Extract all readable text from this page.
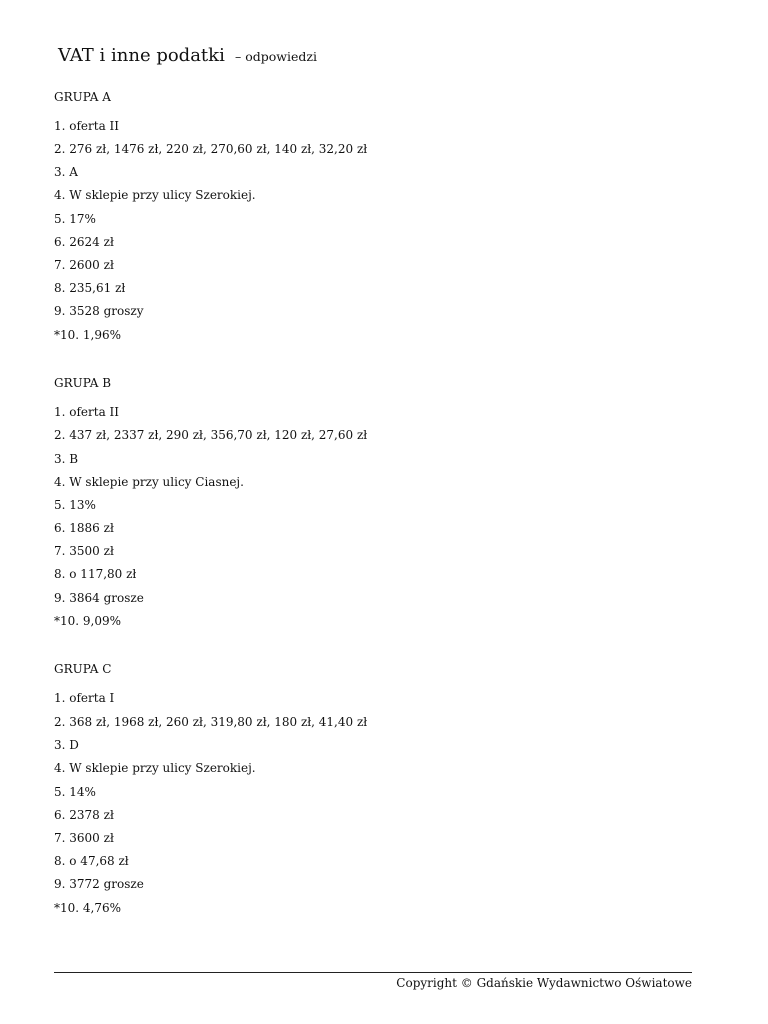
VAT i inne podatki – odpowiedzi
GRUPA A
1. oferta II
2. 276 zł, 1476 zł, 220 zł, 270,60 zł, 140 zł, 32,20 zł
3. A
4. W sklepie przy ulicy Szerokiej.
5. 17%
6. 2624 zł
7. 2600 zł
8. 235,61 zł
9. 3528 groszy
*10. 1,96%
GRUPA B
1. oferta II
2. 437 zł, 2337 zł, 290 zł, 356,70 zł, 120 zł, 27,60 zł
3. B
4. W sklepie przy ulicy Ciasnej.
5. 13%
6. 1886 zł
7. 3500 zł
8. o 117,80 zł
9. 3864 grosze
*10. 9,09%
GRUPA C
1. oferta I
2. 368 zł, 1968 zł, 260 zł, 319,80 zł, 180 zł, 41,40 zł
3. D
4. W sklepie przy ulicy Szerokiej.
5. 14%
6. 2378 zł
7. 3600 zł
8. o 47,68 zł
9. 3772 grosze
*10. 4,76%
Copyright © Gdańskie Wydawnictwo Oświatowe
